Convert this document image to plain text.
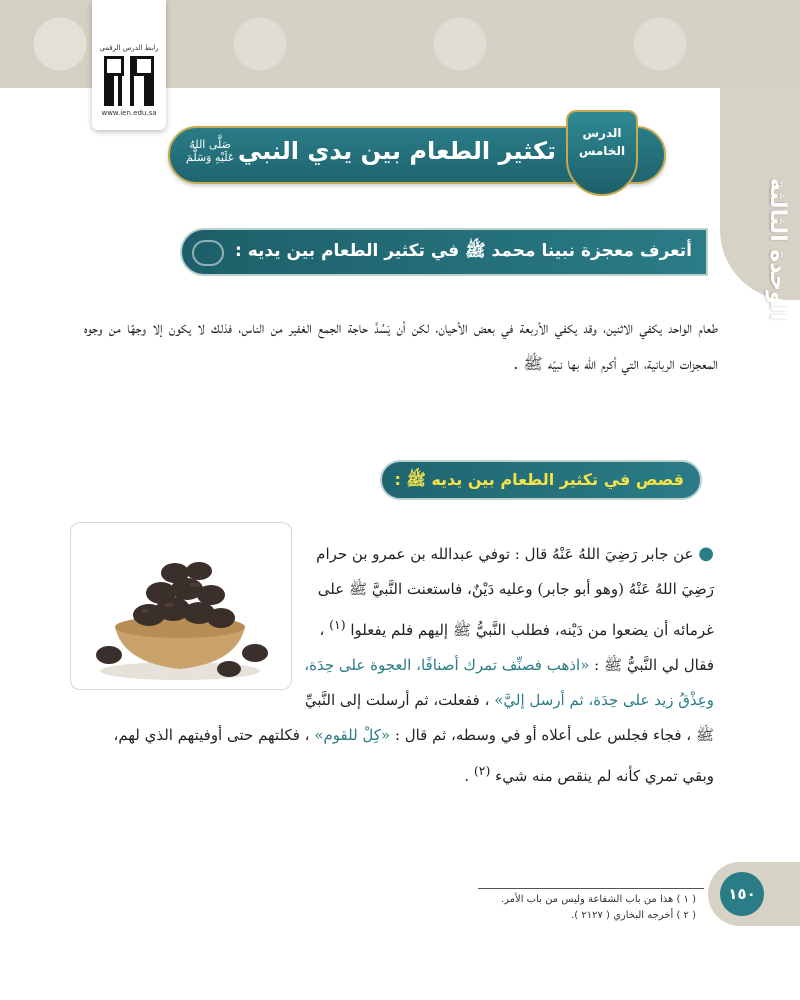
الوحدة الثالثة
رابط الدرس الرقمي
www.ien.edu.sa
تكثير الطعام بين يدي النبي
صَلَّى اللهُ
عَلَيْهِ وَسَلَّمَ
الدرس
الخامس
أتعرف معجزة نبينا محمد ﷺ في تكثير الطعام بين يديه :

طعام الواحد يكفي الاثنين، وقد يكفي الأربعة في بعض الأحيان، لكن أن يَسُدَّ حاجة الجمع الغفير من الناس، فذلك لا يكون إلا وجهًا من وجوه المعجزات الربانية، التي أكرم الله بها نبيّه ﷺ .

قصص في تكثير الطعام بين يديه ﷺ :
● عن جابر رَضِيَ اللهُ عَنْهُ قال : توفي عبدالله بن عمرو بن حرام رَضِيَ اللهُ عَنْهُ (وهو أبو جابر) وعليه دَيْنٌ، فاستعنت النَّبيَّ ﷺ على غرمائه أن يضعوا من دَيْنه، فطلب النَّبيُّ ﷺ إليهم فلم يفعلوا $^{(١)}$ ، فقال لي النَّبيُّ ﷺ : «اذهب فصنِّف تمرك أصنافًا، العجوة على حِدَة، وعِذْقُ زيد على حِدَة، ثم أرسل إليَّ» ، ففعلت، ثم أرسلت إلى النَّبيِّ ﷺ ، فجاء فجلس على أعلاه أو في وسطه، ثم قال : «كِلْ للقوم» ، فكلتهم حتى أوفيتهم الذي لهم، وبقي تمري كأنه لم ينقص منه شيء $^{(٢)}$ .
( ١ ) هذا من باب الشفاعة وليس من باب الأمر.
( ٢ ) أخرجه البخاري ( ٢١٢٧ ).
١٥٠
